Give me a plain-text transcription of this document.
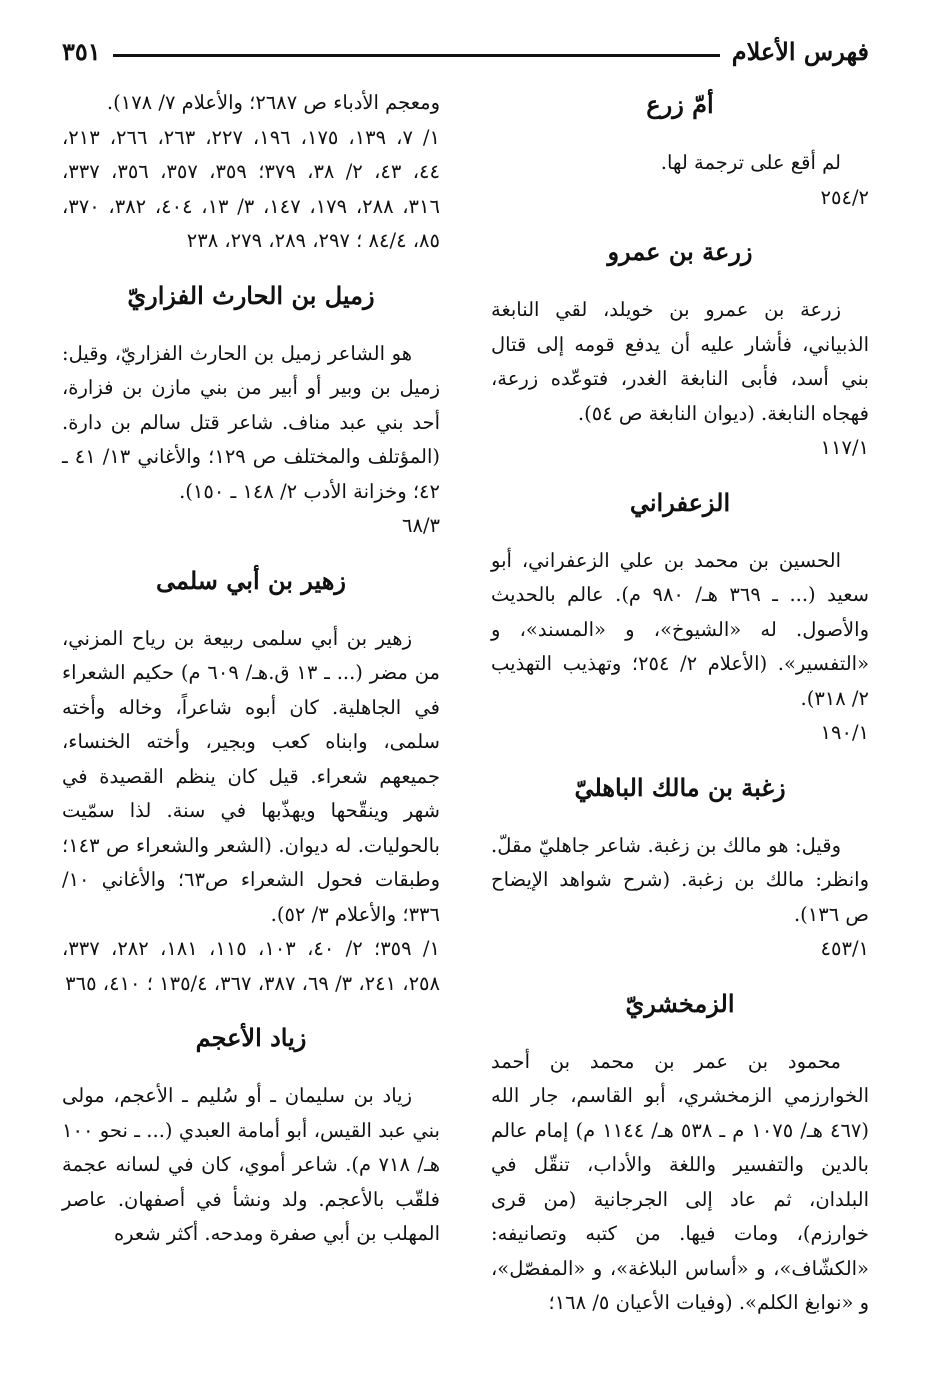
فهرس الأعلام
٣٥١
أمّ زرع

لم أقع على ترجمة لها.

٢٥٤/٢

زرعة بن عمرو

زرعة بن عمرو بن خويلد، لقي النابغة الذبياني، فأشار عليه أن يدفع قومه إلى قتال بني أسد، فأبى النابغة الغدر، فتوعّده زرعة، فهجاه النابغة. (ديوان النابغة ص ٥٤).

١١٧/١

الزعفراني

الحسين بن محمد بن علي الزعفراني، أبو سعيد (... ـ ٣٦٩ هـ/ ٩٨٠ م). عالم بالحديث والأصول. له «الشيوخ»، و «المسند»، و «التفسير». (الأعلام ٢/ ٢٥٤؛ وتهذيب التهذيب ٢/ ٣١٨).

١٩٠/١

زغبة بن مالك الباهليّ

وقيل: هو مالك بن زغبة. شاعر جاهليّ مقلّ. وانظر: مالك بن زغبة. (شرح شواهد الإيضاح ص ١٣٦).

٤٥٣/١

الزمخشريّ

محمود بن عمر بن محمد بن أحمد الخوارزمي الزمخشري، أبو القاسم، جار الله (٤٦٧ هـ/ ١٠٧٥ م ـ ٥٣٨ هـ/ ١١٤٤ م) إمام عالم بالدين والتفسير واللغة والأداب، تنقّل في البلدان، ثم عاد إلى الجرجانية (من قرى خوارزم)، ومات فيها. من كتبه وتصانيفه: «الكشّاف»، و «أساس البلاغة»، و «المفصّل»، و «نوابغ الكلم». (وفيات الأعيان ٥/ ١٦٨؛

ومعجم الأدباء ص ٢٦٨٧؛ والأعلام ٧/ ١٧٨).

١/ ٧، ١٣٩، ١٧٥، ١٩٦، ٢٢٧، ٢٦٣، ٢٦٦، ٢١٣، ٤٤، ٤٣، ٢/ ٣٨، ٣٧٩؛ ٣٥٩، ٣٥٧، ٣٥٦، ٣٣٧، ٣١٦، ٢٨٨، ١٧٩، ١٤٧، ٣/ ١٣، ٤٠٤، ٣٨٢، ٣٧٠، ٨٥، ٨٤/٤ ؛ ٢٩٧، ٢٨٩، ٢٧٩، ٢٣٨

زميل بن الحارث الفزاريّ

هو الشاعر زميل بن الحارث الفزاريّ، وقيل: زميل بن وبير أو أبير من بني مازن بن فزارة، أحد بني عبد مناف. شاعر قتل سالم بن دارة. (المؤتلف والمختلف ص ١٢٩؛ والأغاني ١٣/ ٤١ ـ ٤٢؛ وخزانة الأدب ٢/ ١٤٨ ـ ١٥٠).

٦٨/٣

زهير بن أبي سلمى

زهير بن أبي سلمى ربيعة بن رياح المزني، من مضر (... ـ ١٣ ق.هـ/ ٦٠٩ م) حكيم الشعراء في الجاهلية. كان أبوه شاعراً، وخاله وأخته سلمى، وابناه كعب وبجير، وأخته الخنساء، جميعهم شعراء. قيل كان ينظم القصيدة في شهر وينقّحها ويهذّبها في سنة. لذا سمّيت بالحوليات. له ديوان. (الشعر والشعراء ص ١٤٣؛ وطبقات فحول الشعراء ص٦٣؛ والأغاني ١٠/ ٣٣٦؛ والأعلام ٣/ ٥٢).

١/ ٣٥٩؛ ٢/ ٤٠، ١٠٣، ١١٥، ١٨١، ٢٨٢، ٣٣٧، ٢٥٨، ٢٤١، ٣/ ٦٩، ٣٨٧، ٣٦٧، ١٣٥/٤ ؛ ٤١٠، ٣٦٥

زياد الأعجم

زياد بن سليمان ـ أو سُليم ـ الأعجم، مولى بني عبد القيس، أبو أمامة العبدي (... ـ نحو ١٠٠ هـ/ ٧١٨ م). شاعر أموي، كان في لسانه عجمة فلقّب بالأعجم. ولد ونشأ في أصفهان. عاصر المهلب بن أبي صفرة ومدحه. أكثر شعره
